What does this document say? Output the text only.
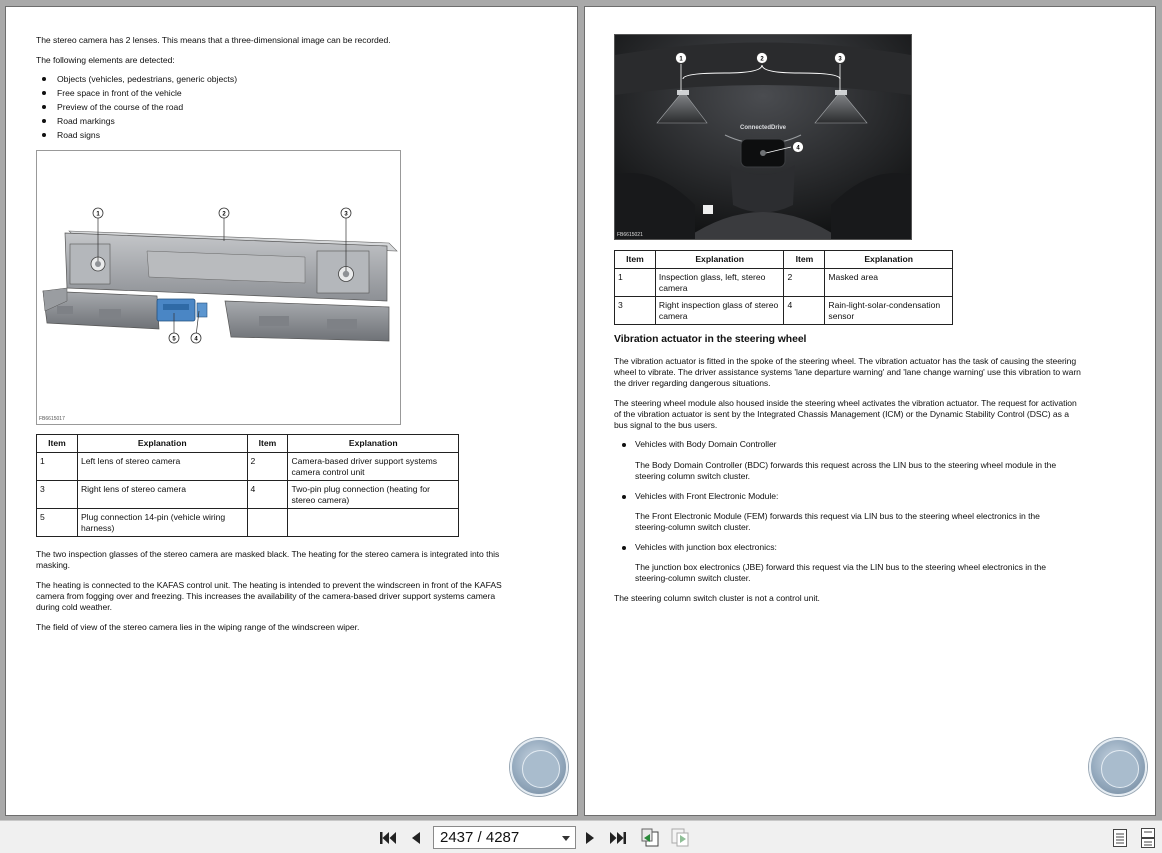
The stereo camera has 2 lenses. This means that a three-dimensional image can be recorded.

The following elements are detected:

Objects (vehicles, pedestrians, generic objects)
Free space in front of the vehicle
Preview of the course of the road
Road markings
Road signs
1	2	3
5	4
FB6615017
Item	Explanation	Item	Explanation
1	Left lens of stereo camera	2	Camera-based driver support systems camera control unit
3	Right lens of stereo camera	4	Two-pin plug connection (heating for stereo camera)
5	Plug connection 14-pin (vehicle wiring harness)		

The two inspection glasses of the stereo camera are masked black. The heating for the stereo camera is integrated into this masking.

The heating is connected to the KAFAS control unit. The heating is intended to prevent the windscreen in front of the KAFAS camera from fogging over and freezing. This increases the availability of the camera-based driver support systems camera during cold weather.

The field of view of the stereo camera lies in the wiping range of the windscreen wiper.

ConnectedDrive
1	2	3
4
FB6615021
Item	Explanation	Item	Explanation
1	Inspection glass, left, stereo camera	2	Masked area
3	Right inspection glass of stereo camera	4	Rain-light-solar-condensation sensor
Vibration actuator in the steering wheel

The vibration actuator is fitted in the spoke of the steering wheel. The vibration actuator has the task of causing the steering wheel to vibrate. The driver assistance systems 'lane departure warning' and 'lane change warning' use this vibration to warn the driver regarding dangerous situations.

The steering wheel module also housed inside the steering wheel activates the vibration actuator. The request for activation of the vibration actuator is sent by the Integrated Chassis Management (ICM) or the Dynamic Stability Control (DSC) as a bus signal to the bus users.

Vehicles with Body Domain Controller

The Body Domain Controller (BDC) forwards this request across the LIN bus to the steering wheel module in the steering column switch cluster.

Vehicles with Front Electronic Module:

The Front Electronic Module (FEM) forwards this request via LIN bus to the steering wheel electronics in the steering-column switch cluster.

Vehicles with junction box electronics:

The junction box electronics (JBE) forward this request via the LIN bus to the steering wheel electronics in the steering-column switch cluster.

The steering column switch cluster is not a control unit.

2437 / 4287
